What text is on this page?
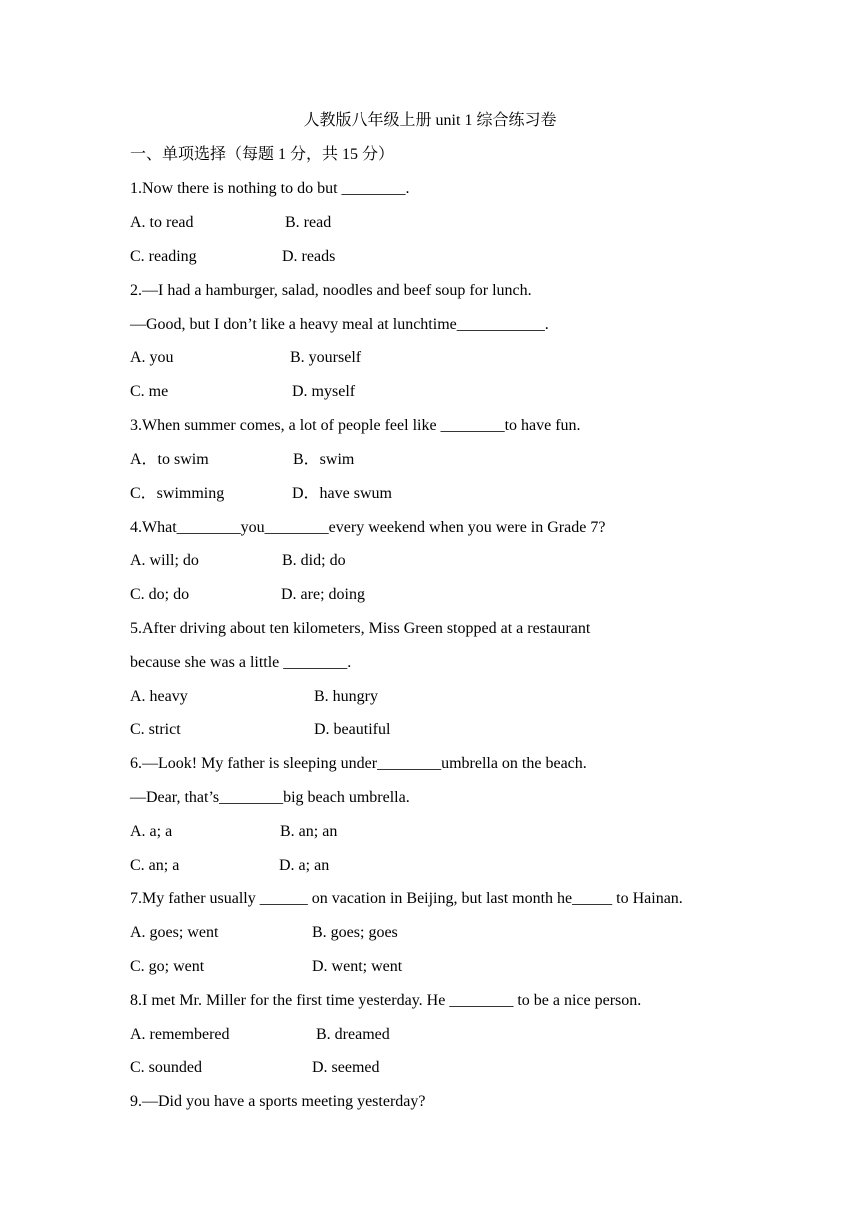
人教版八年级上册 unit 1 综合练习卷
一、单项选择（每题 1 分，共 15 分）
1.Now there is nothing to do but ________.
A. to read	B. read
C. reading	D. reads
2.—I had a hamburger, salad, noodles and beef soup for lunch.
—Good, but I don’t like a heavy meal at lunchtime___________.
A. you	B. yourself
C. me	D. myself
3.When summer comes, a lot of people feel like ________to have fun.
A．to swim	B．swim
C．swimming	D．have swum
4.What________you________every weekend when you were in Grade 7?
A. will; do	B. did; do
C. do; do	D. are; doing
5.After driving about ten kilometers, Miss Green stopped at a restaurant
because she was a little ________.
A. heavy	B. hungry
C. strict	D. beautiful
6.—Look! My father is sleeping under________umbrella on the beach.
—Dear, that’s________big beach umbrella.
A. a; a	B. an; an
C. an; a	D. a; an
7.My father usually ______ on vacation in Beijing, but last month he_____ to Hainan.
A. goes; went	B. goes; goes
C. go; went	D. went; went
8.I met Mr. Miller for the first time yesterday. He ________ to be a nice person.
A. remembered	B. dreamed
C. sounded	D. seemed
9.—Did you have a sports meeting yesterday?
